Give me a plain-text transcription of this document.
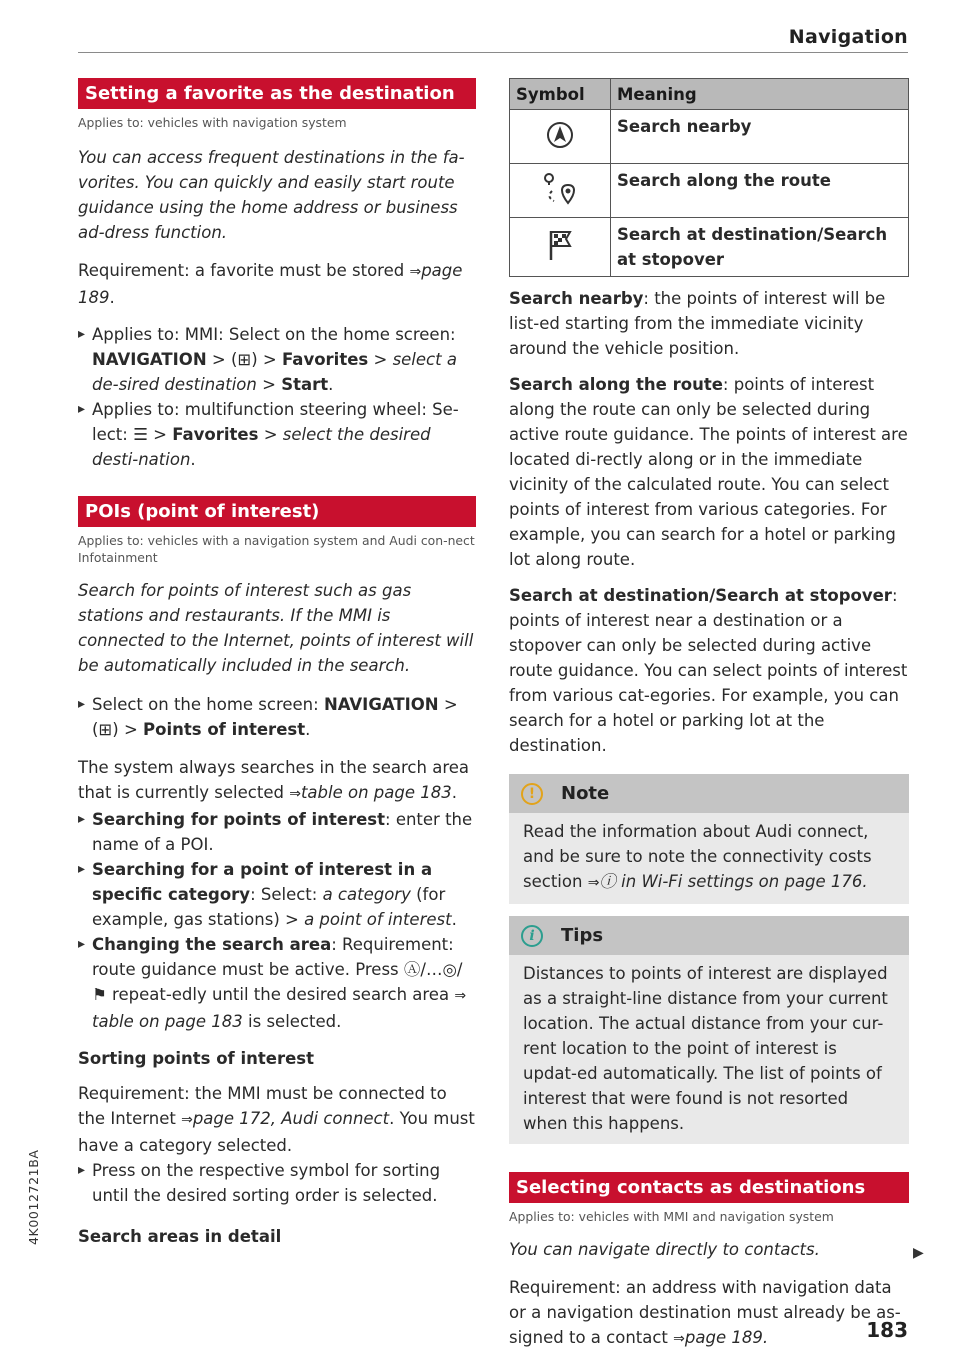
Navigation
Setting a favorite as the destination
Applies to: vehicles with navigation system
You can access frequent destinations in the fa-vorites. You can quickly and easily start route guidance using the home address or business ad-dress function.
Requirement: a favorite must be stored ⇒page 189.
▸ Applies to: MMI: Select on the home screen: NAVIGATION > (⊞) > Favorites > select a de-sired destination > Start.
▸ Applies to: multifunction steering wheel: Se-lect: ☰ > Favorites > select the desired desti-nation.
POIs (point of interest)
Applies to: vehicles with a navigation system and Audi con-nect Infotainment
Search for points of interest such as gas stations and restaurants. If the MMI is connected to the Internet, points of interest will be automatically included in the search.
▸ Select on the home screen: NAVIGATION > (⊞) > Points of interest.
The system always searches in the search area that is currently selected ⇒table on page 183.
▸ Searching for points of interest: enter the name of a POI.
▸ Searching for a point of interest in a specific category: Select: a category (for example, gas stations) > a point of interest.
▸ Changing the search area: Requirement: route guidance must be active. Press Ⓐ/…◎/⚑ repeat-edly until the desired search area ⇒ table on page 183 is selected.
Sorting points of interest
Requirement: the MMI must be connected to the Internet ⇒page 172, Audi connect. You must have a category selected.
▸ Press on the respective symbol for sorting until the desired sorting order is selected.
Search areas in detail
Symbol	Meaning
	Search nearby
	Search along the route
	Search at destination/Search at stopover
Search nearby: the points of interest will be list-ed starting from the immediate vicinity around the vehicle position.
Search along the route: points of interest along the route can only be selected during active route guidance. The points of interest are located di-rectly along or in the immediate vicinity of the calculated route. You can select points of interest from various categories. For example, you can search for a hotel or parking lot along route.
Search at destination/Search at stopover: points of interest near a destination or a stopover can only be selected during active route guidance. You can select points of interest from various cat-egories. For example, you can search for a hotel or parking lot at the destination.
!	Note
Read the information about Audi connect, and be sure to note the connectivity costs section ⇒ⓘ in Wi-Fi settings on page 176.
i	Tips
Distances to points of interest are displayed as a straight-line distance from your current location. The actual distance from your cur-rent location to the point of interest is updat-ed automatically. The list of points of interest that were found is not resorted when this happens.
Selecting contacts as destinations
Applies to: vehicles with MMI and navigation system
You can navigate directly to contacts.
Requirement: an address with navigation data or a navigation destination must already be as-signed to a contact ⇒page 189.
▶
4K0012721BA
183
